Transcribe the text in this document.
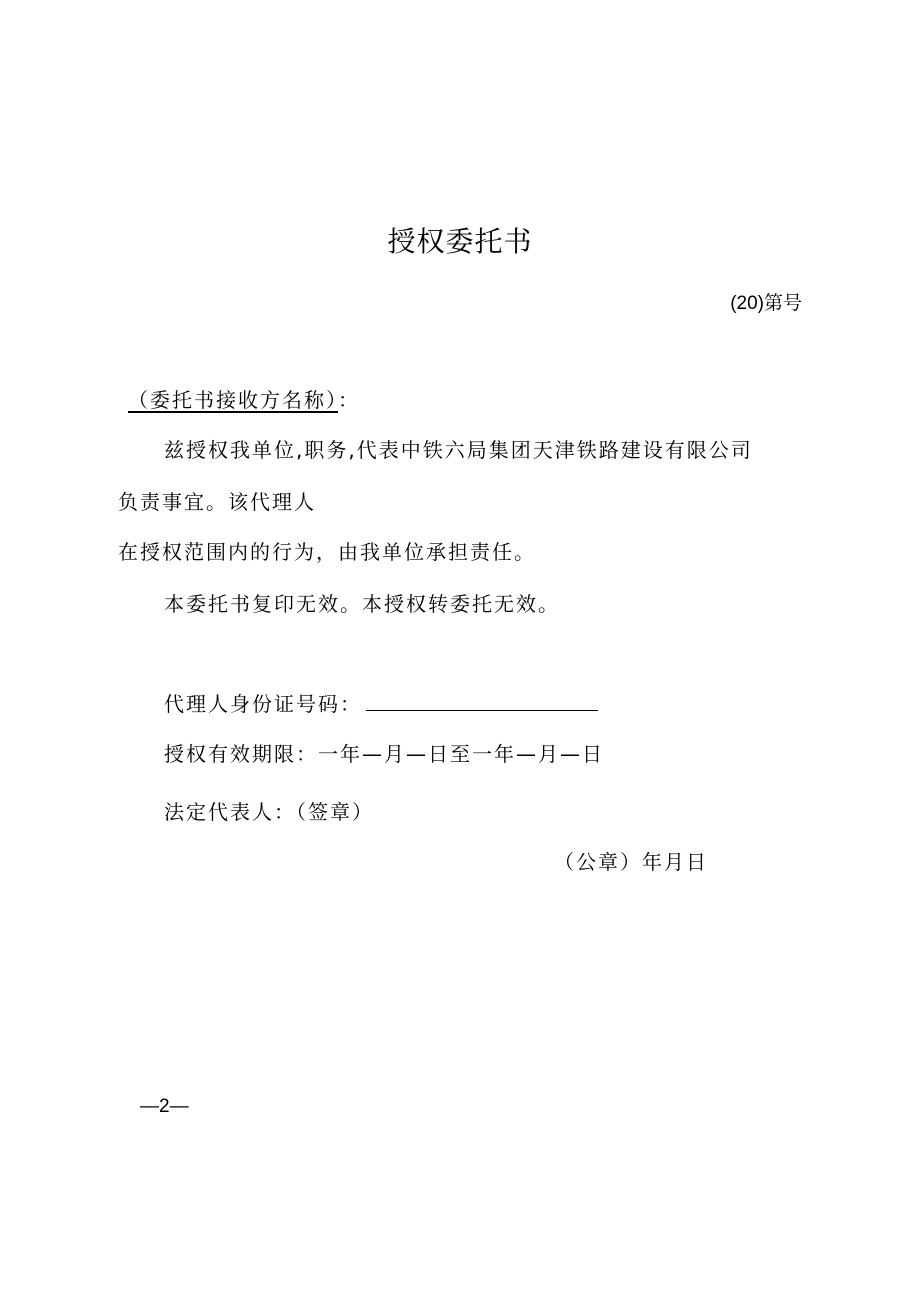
授权委托书
(20)第号
（委托书接收方名称）：
兹授权我单位,职务,代表中铁六局集团天津铁路建设有限公司
负责事宜。该代理人
在授权范围内的行为，由我单位承担责任。
本委托书复印无效。本授权转委托无效。
代理人身份证号码：
授权有效期限：一年—月—日至一年—月—日
法定代表人：（签章）
（公章）年月日
—2—
